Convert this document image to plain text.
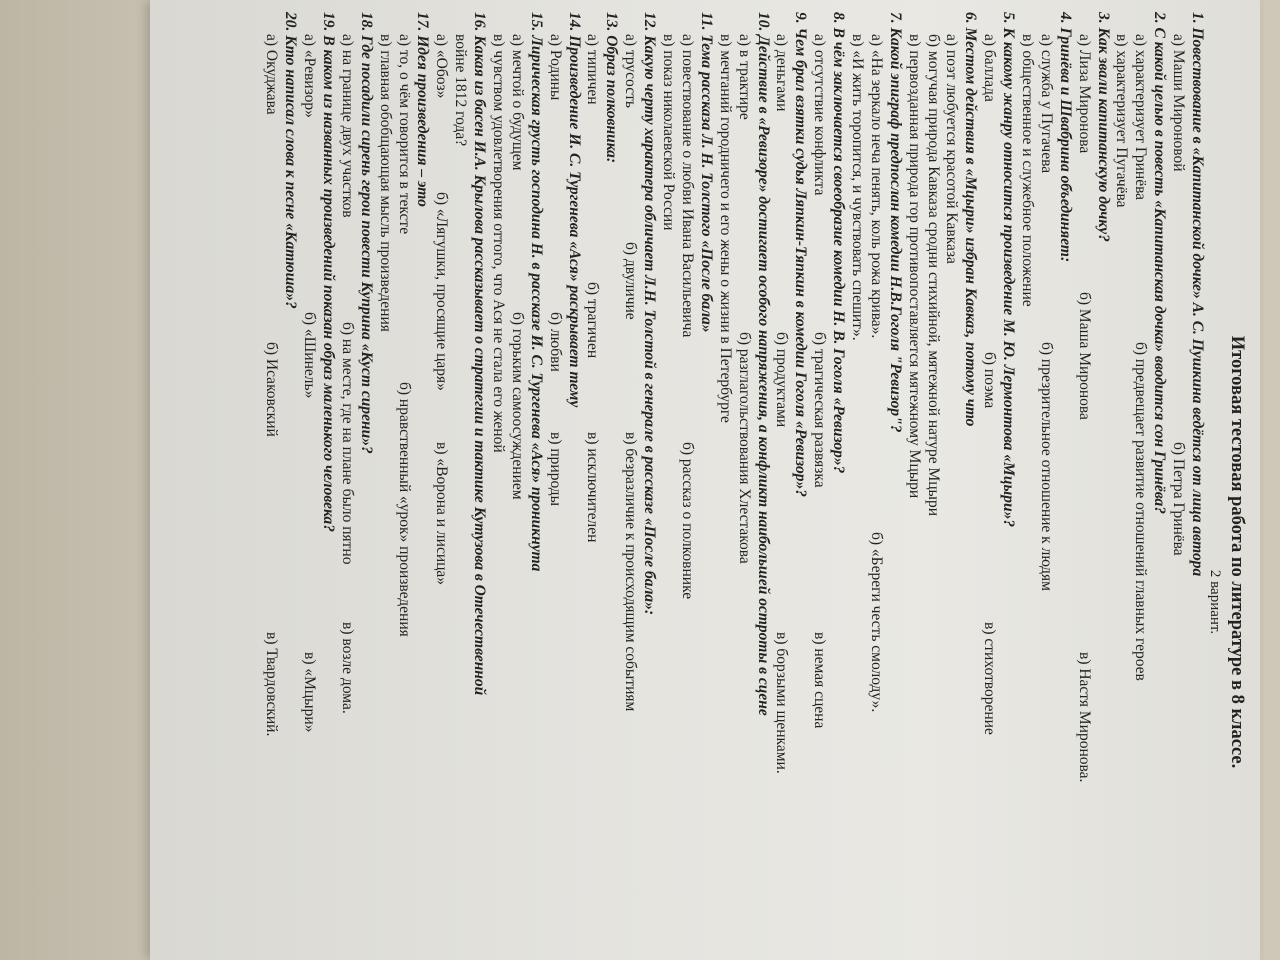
Итоговая тестовая работа по литературе в 8 классе.
2 вариант.
1. Повествование в «Капитанской дочке» А. С. Пушкина ведётся от лица автора
а) Маши Мироновой
б) Петра Гринёва
2. С какой целью в повесть «Капитанская дочка» вводится сон Гринёва?
а) характеризует Гринёва
б) предвещает развитие отношений главных героев
в) характеризует Пугачёва
3. Как звали капитанскую дочку?
а) Лиза Миронова
б) Маша Миронова
в) Настя Миронова.
4. Гринёва и Швабрина объединяет:
а) служба у Пугачева
б) презрительное отношение к людям
в) общественное и служебное положение
5. К какому жанру относится произведение М. Ю. Лермонтова «Мцыри»?
а) баллада
б) поэма
в) стихотворение
6. Местом действия в «Мцыри» избран Кавказ, потому что
а) поэт любуется красотой Кавказа
б) могучая природа Кавказа сродни стихийной, мятежной натуре Мцыри
в) первозданная природа гор противопоставляется мятежному Мцыри
7. Какой эпиграф предпослан комедии Н.В.Гоголя "Ревизор"?
а) «На зеркало неча пенять, коль рожа крива».
б) «Береги честь смолоду».
в) «И жить торопится, и чувствовать спешит».
8. В чём заключается своеобразие комедии Н. В. Гоголя «Ревизор»?
а) отсутствие конфликта
б) трагическая развязка
в) немая сцена
9. Чем брал взятки судья Ляпкин-Тяпкин в комедии Гоголя «Ревизор»?
а) деньгами
б) продуктами
в) борзыми щенками.
10. Действие в «Ревизоре» достигает особого напряжения, а конфликт наибольшей остроты в сцене
а) в трактире
б) разглагольствования Хлестакова
в) мечтаний городничего и его жены о жизни в Петербурге
11. Тема рассказа Л. Н. Толстого «После бала»
а) повествование о любви Ивана Васильевича
б) рассказ о полковнике
в) показ николаевской России
12. Какую черту характера обличает Л.Н. Толстой в генерале в рассказе «После бала»:
а) трусость
б) двуличие
в) безразличие к происходящим событиям
13. Образ полковника:
а) типичен
б) трагичен
в) исключителен
14. Произведение И. С. Тургенева «Ася» раскрывает тему
а) Родины
б) любви
в) природы
15. Лирическая грусть господина Н. в рассказе И. С. Тургенева «Ася» проникнута
а) мечтой о будущем
б) горьким самоосуждением
в) чувством удовлетворения оттого, что Ася не стала его женой
16. Какая из басен И.А. Крылова рассказывает о стратегии и тактике Кутузова в Отечественной
войне 1812 года?
а) «Обоз»
б) «Лягушки, просящие царя»
в) «Ворона и лисица»
17. Идея произведения – это
а) то, о чём говорится в тексте
б) нравственный «урок» произведения
в) главная обобщающая мысль произведения
18. Где посадили сирень герои повести Куприна «Куст сирени»?
а) на границе двух участков
б) на месте, где на плане было пятно
в) возле дома.
19. В каком из названных произведений показан образ маленького человека?
а) «Ревизор»
б) «Шинель»
в) «Мцыри»
20. Кто написал слова к песне «Катюша»?
а) Окуджава
б) Исаковский
в) Твардовский.
